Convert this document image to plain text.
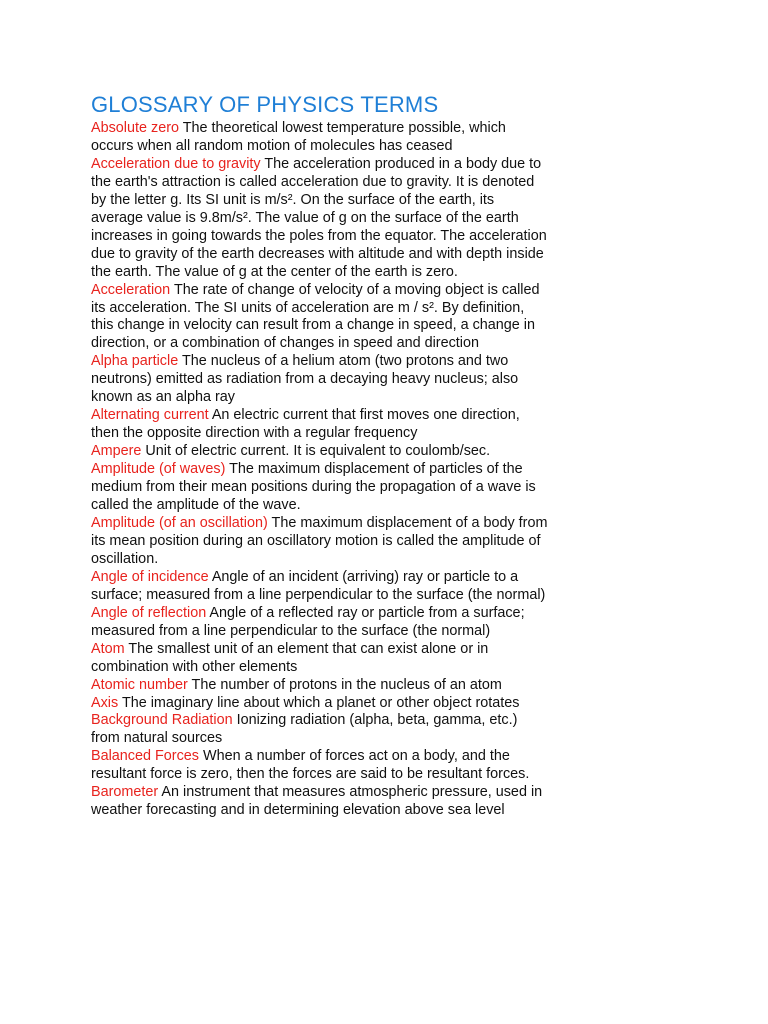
GLOSSARY OF PHYSICS TERMS

Absolute zero The theoretical lowest temperature possible, which occurs when all random motion of molecules has ceased

Acceleration due to gravity The acceleration produced in a body due to the earth's attraction is called acceleration due to gravity. It is denoted by the letter g. Its SI unit is m/s². On the surface of the earth, its average value is 9.8m/s². The value of g on the surface of the earth increases in going towards the poles from the equator. The acceleration due to gravity of the earth decreases with altitude and with depth inside the earth. The value of g at the center of the earth is zero.

Acceleration The rate of change of velocity of a moving object is called its acceleration. The SI units of acceleration are m / s². By definition, this change in velocity can result from a change in speed, a change in direction, or a combination of changes in speed and direction

Alpha particle The nucleus of a helium atom (two protons and two neutrons) emitted as radiation from a decaying heavy nucleus; also known as an alpha ray

Alternating current An electric current that first moves one direction, then the opposite direction with a regular frequency

Ampere Unit of electric current. It is equivalent to coulomb/sec.

Amplitude (of waves) The maximum displacement of particles of the medium from their mean positions during the propagation of a wave is called the amplitude of the wave.

Amplitude (of an oscillation) The maximum displacement of a body from its mean position during an oscillatory motion is called the amplitude of oscillation.

Angle of incidence Angle of an incident (arriving) ray or particle to a surface; measured from a line perpendicular to the surface (the normal)

Angle of reflection Angle of a reflected ray or particle from a surface; measured from a line perpendicular to the surface (the normal)

Atom The smallest unit of an element that can exist alone or in combination with other elements

Atomic number The number of protons in the nucleus of an atom

Axis The imaginary line about which a planet or other object rotates

Background Radiation Ionizing radiation (alpha, beta, gamma, etc.) from natural sources

Balanced Forces When a number of forces act on a body, and the resultant force is zero, then the forces are said to be resultant forces.

Barometer An instrument that measures atmospheric pressure, used in weather forecasting and in determining elevation above sea level
